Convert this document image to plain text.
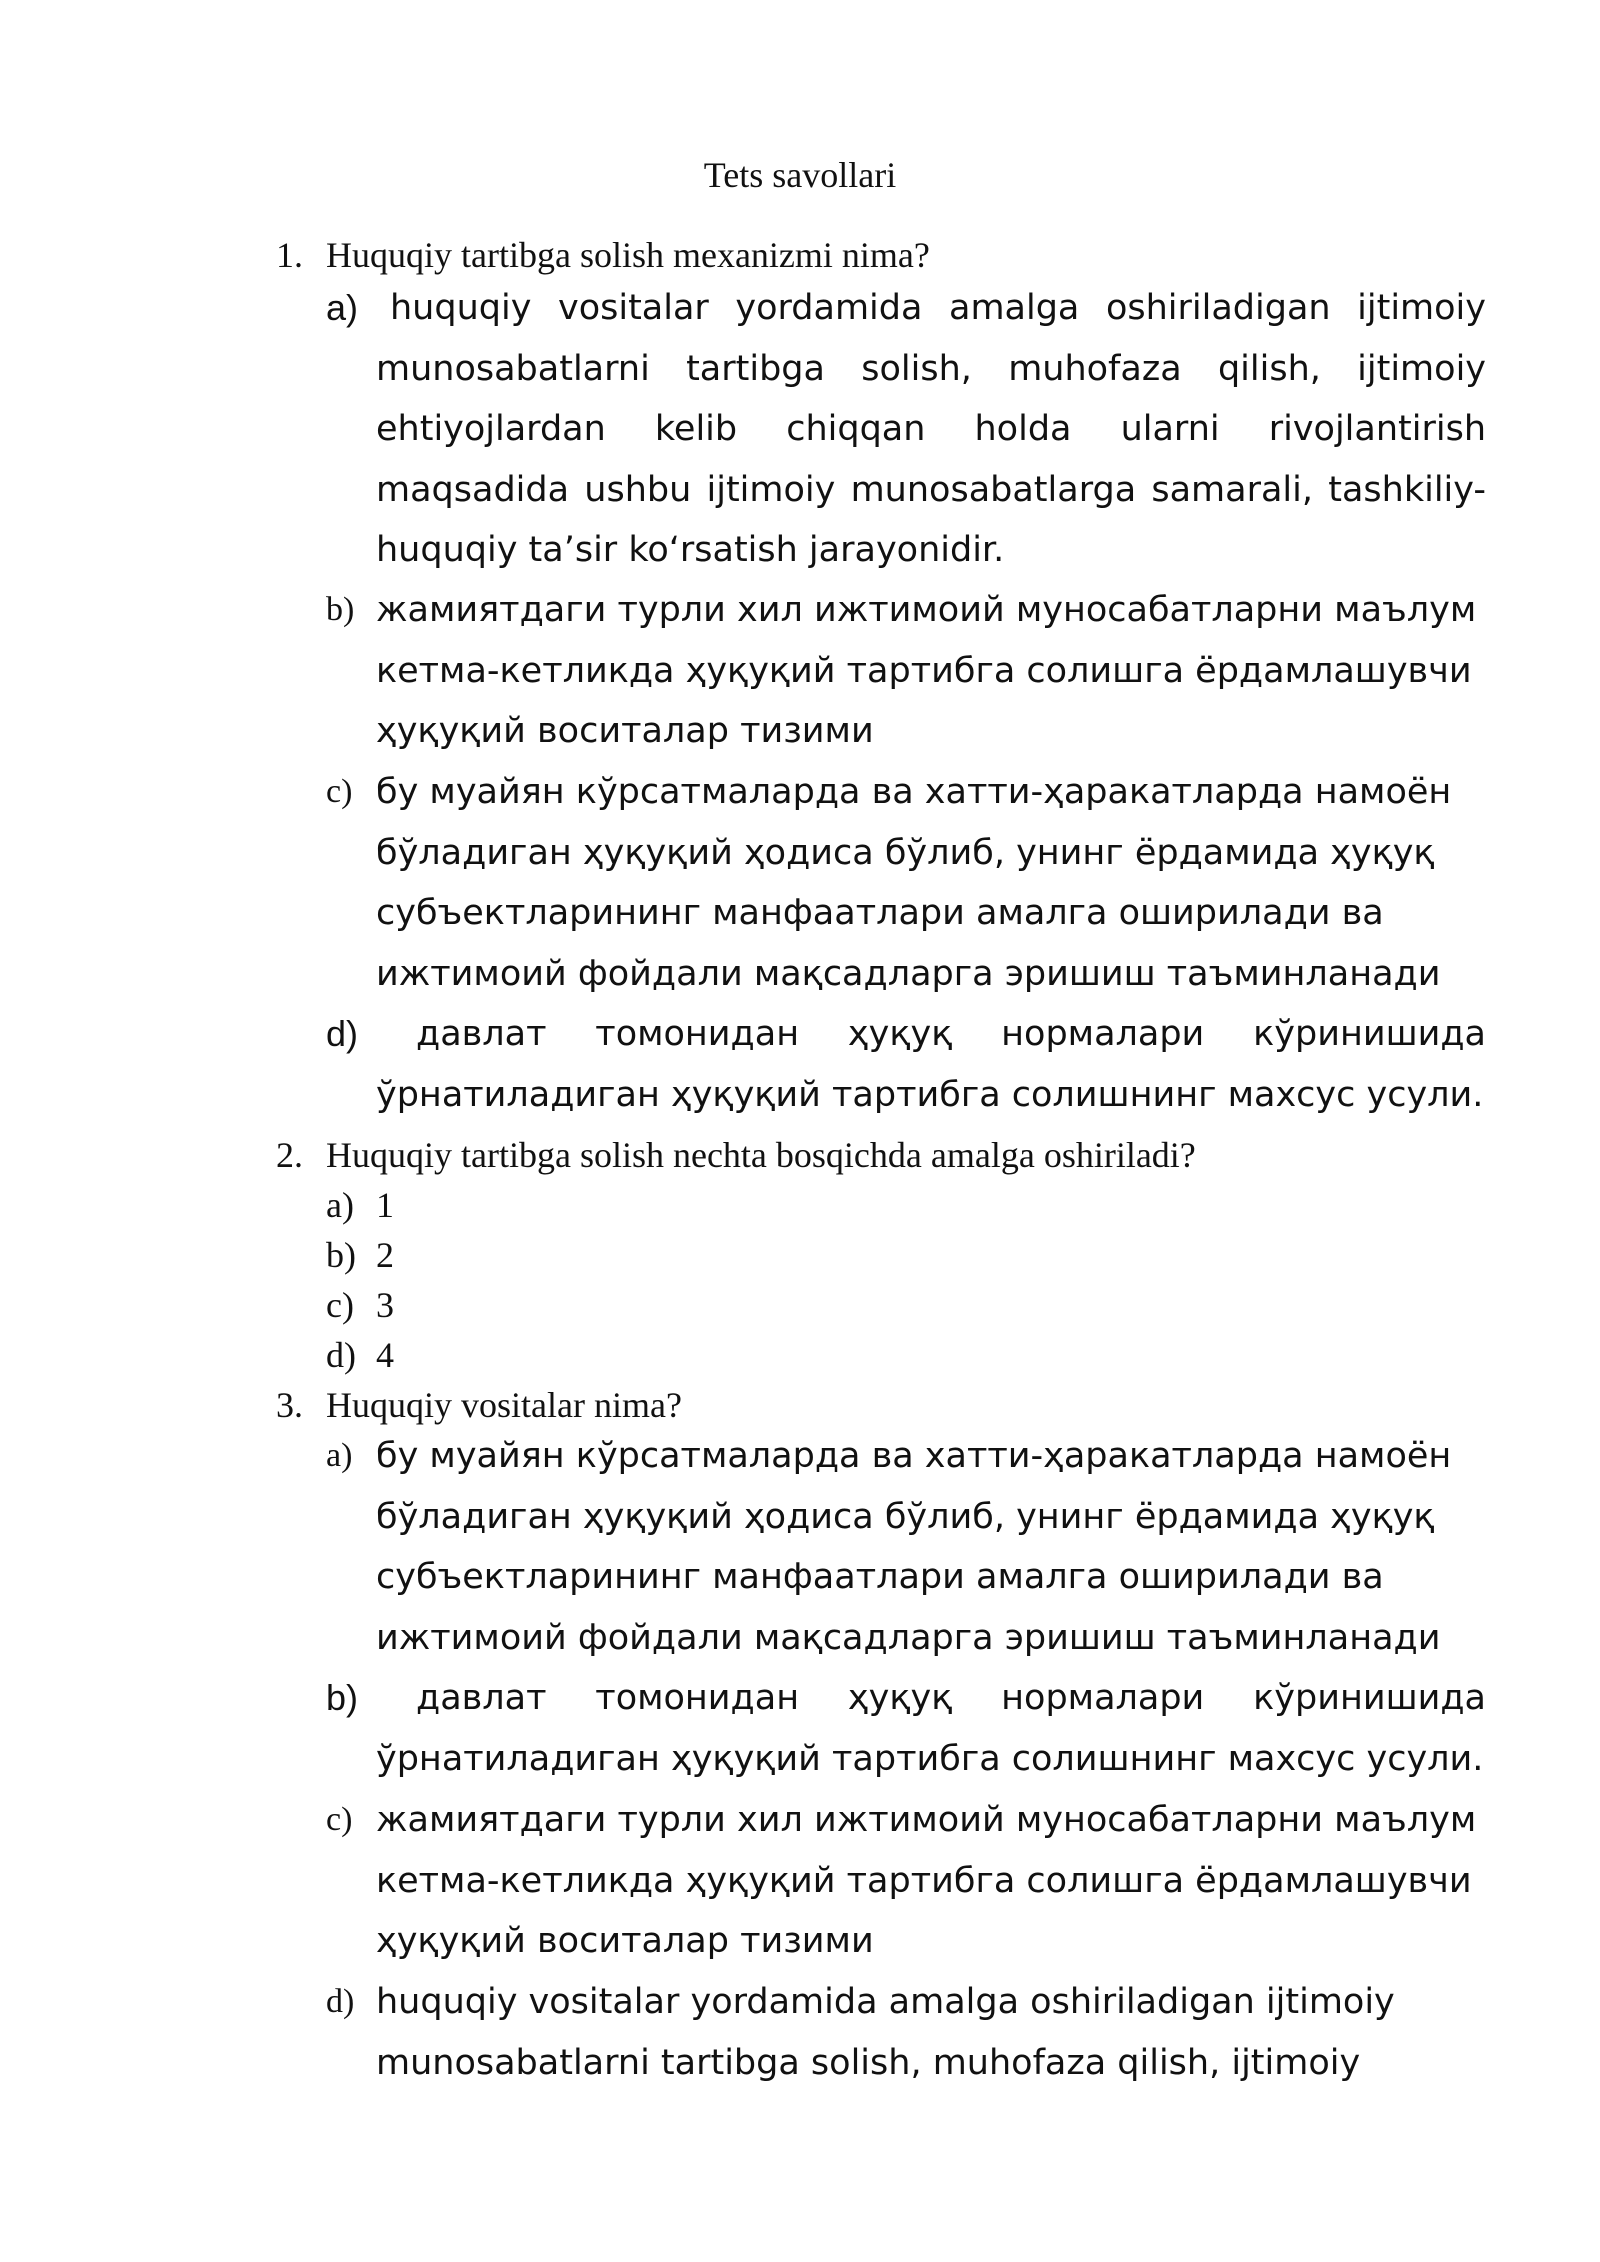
Tets savollari
1. Huquqiy tartibga solish mexanizmi nima?
a) huquqiy vositalar yordamida amalga oshiriladigan ijtimoiy
munosabatlarni tartibga solish, muhofaza qilish, ijtimoiy
ehtiyojlardan kelib chiqqan holda ularni rivojlantirish
maqsadida ushbu ijtimoiy munosabatlarga samarali, tashkiliy-
huquqiy ta’sir koʻrsatish jarayonidir.
b) жамиятдаги турли хил ижтимоий муносабатларни маълум
кетма-кетликда ҳуқуқий тартибга солишга ёрдамлашувчи
ҳуқуқий воситалар тизими
c) бу муайян кўрсатмаларда ва хатти-ҳаракатларда намоён
бўладиган ҳуқуқий ҳодиса бўлиб, унинг ёрдамида ҳуқуқ
субъектларининг манфаатлари амалга оширилади ва
ижтимоий фойдали мақсадларга эришиш таъминланади
d)	давлат томонидан ҳуқуқ нормалари кўринишида
ўрнатиладиган ҳуқуқий тартибга солишнинг махсус усули.
2. Huquqiy tartibga solish nechta bosqichda amalga oshiriladi?
a) 1
b) 2
c) 3
d) 4
3. Huquqiy vositalar nima?
a) бу муайян кўрсатмаларда ва хатти-ҳаракатларда намоён
бўладиган ҳуқуқий ҳодиса бўлиб, унинг ёрдамида ҳуқуқ
субъектларининг манфаатлари амалга оширилади ва
ижтимоий фойдали мақсадларга эришиш таъминланади
b)	давлат томонидан ҳуқуқ нормалари кўринишида
ўрнатиладиган ҳуқуқий тартибга солишнинг махсус усули.
c) жамиятдаги турли хил ижтимоий муносабатларни маълум
кетма-кетликда ҳуқуқий тартибга солишга ёрдамлашувчи
ҳуқуқий воситалар тизими
d) huquqiy vositalar yordamida amalga oshiriladigan ijtimoiy
munosabatlarni tartibga solish, muhofaza qilish, ijtimoiy
